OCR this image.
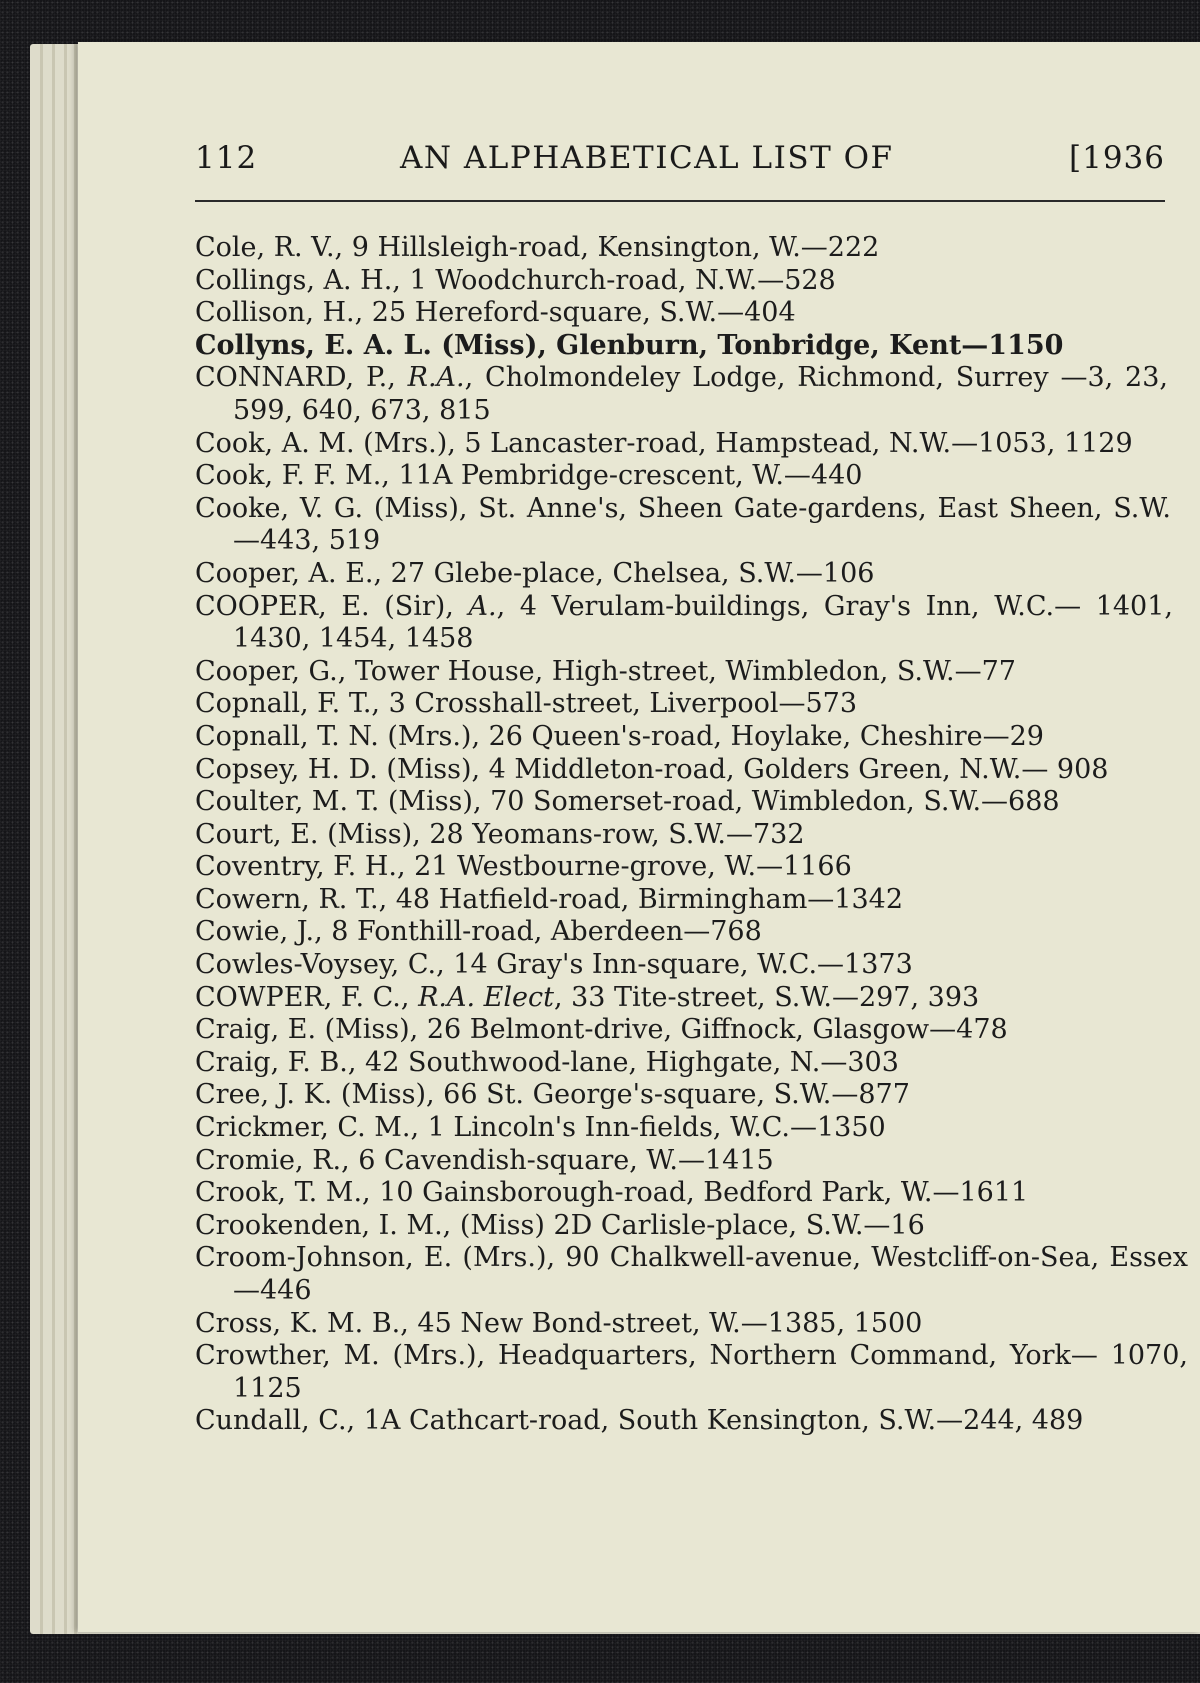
112	AN ALPHABETICAL LIST OF	[1936
Cole, R. V., 9 Hillsleigh-road, Kensington, W.—222
Collings, A. H., 1 Woodchurch-road, N.W.—528
Collison, H., 25 Hereford-square, S.W.—404
Collyns, E. A. L. (Miss), Glenburn, Tonbridge, Kent—1150
CONNARD, P., R.A., Cholmondeley Lodge, Richmond, Surrey —3, 23, 599, 640, 673, 815
Cook, A. M. (Mrs.), 5 Lancaster-road, Hampstead, N.W.—1053, 1129
Cook, F. F. M., 11A Pembridge-crescent, W.—440
Cooke, V. G. (Miss), St. Anne's, Sheen Gate-gardens, East Sheen, S.W.—443, 519
Cooper, A. E., 27 Glebe-place, Chelsea, S.W.—106
COOPER, E. (Sir), A., 4 Verulam-buildings, Gray's Inn, W.C.— 1401, 1430, 1454, 1458
Cooper, G., Tower House, High-street, Wimbledon, S.W.—77
Copnall, F. T., 3 Crosshall-street, Liverpool—573
Copnall, T. N. (Mrs.), 26 Queen's-road, Hoylake, Cheshire—29
Copsey, H. D. (Miss), 4 Middleton-road, Golders Green, N.W.— 908
Coulter, M. T. (Miss), 70 Somerset-road, Wimbledon, S.W.—688
Court, E. (Miss), 28 Yeomans-row, S.W.—732
Coventry, F. H., 21 Westbourne-grove, W.—1166
Cowern, R. T., 48 Hatfield-road, Birmingham—1342
Cowie, J., 8 Fonthill-road, Aberdeen—768
Cowles-Voysey, C., 14 Gray's Inn-square, W.C.—1373
COWPER, F. C., R.A. Elect, 33 Tite-street, S.W.—297, 393
Craig, E. (Miss), 26 Belmont-drive, Giffnock, Glasgow—478
Craig, F. B., 42 Southwood-lane, Highgate, N.—303
Cree, J. K. (Miss), 66 St. George's-square, S.W.—877
Crickmer, C. M., 1 Lincoln's Inn-fields, W.C.—1350
Cromie, R., 6 Cavendish-square, W.—1415
Crook, T. M., 10 Gainsborough-road, Bedford Park, W.—1611
Crookenden, I. M., (Miss) 2D Carlisle-place, S.W.—16
Croom-Johnson, E. (Mrs.), 90 Chalkwell-avenue, Westcliff-on-Sea, Essex—446
Cross, K. M. B., 45 New Bond-street, W.—1385, 1500
Crowther, M. (Mrs.), Headquarters, Northern Command, York— 1070, 1125
Cundall, C., 1A Cathcart-road, South Kensington, S.W.—244, 489
